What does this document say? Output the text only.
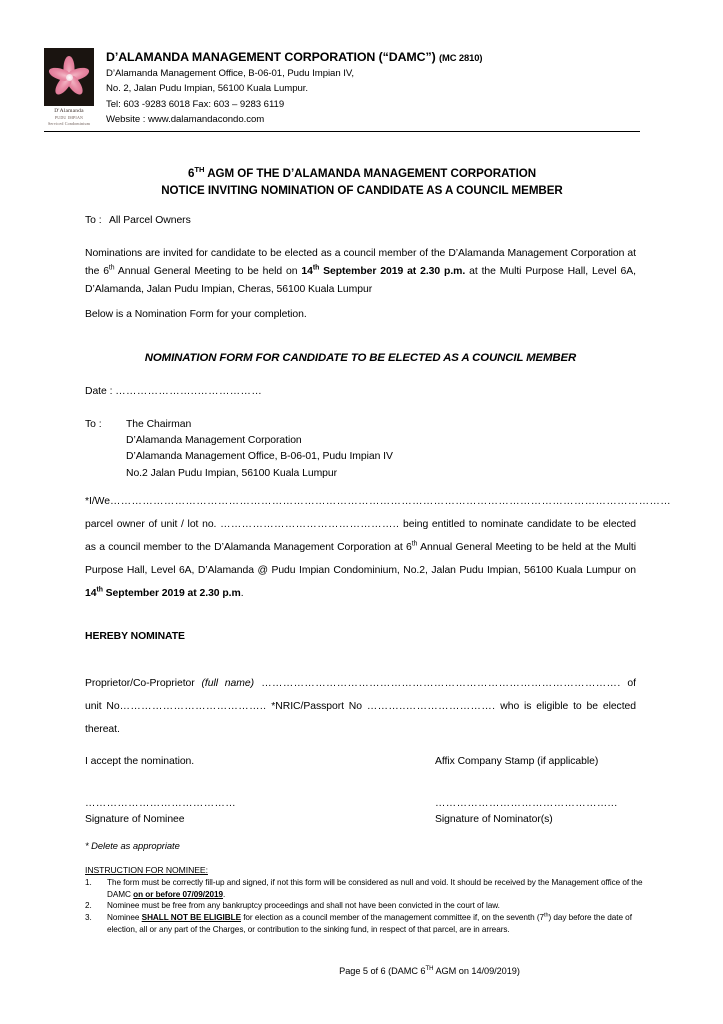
D'Alamanda
PUDU IMPIAN
Serviced Condominium
D’ALAMANDA MANAGEMENT CORPORATION (“DAMC”) (MC 2810)
D’Alamanda Management Office, B-06-01, Pudu Impian IV,
No. 2, Jalan Pudu Impian, 56100 Kuala Lumpur.
Tel: 603 -9283 6018 Fax: 603 – 9283 6119
Website : www.dalamandacondo.com
6TH AGM OF THE D’ALAMANDA MANAGEMENT CORPORATION
NOTICE INVITING NOMINATION OF CANDIDATE AS A COUNCIL MEMBER
To : All Parcel Owners
Nominations are invited for candidate to be elected as a council member of the D’Alamanda Management Corporation at the 6th Annual General Meeting to be held on 14th September 2019 at 2.30 p.m. at the Multi Purpose Hall, Level 6A, D’Alamanda, Jalan Pudu Impian, Cheras, 56100 Kuala Lumpur
Below is a Nomination Form for your completion.
NOMINATION FORM FOR CANDIDATE TO BE ELECTED AS A COUNCIL MEMBER
Date : …………………..………………
To :	The Chairman
D’Alamanda Management Corporation
D’Alamanda Management Office, B-06-01, Pudu Impian IV
No.2 Jalan Pudu Impian, 56100 Kuala Lumpur
*I/We…………………………………………………………………………………………………………………………………………parcel owner of unit / lot no. ………………………………………….. being entitled to nominate candidate to be elected as a council member to the D’Alamanda Management Corporation at 6th Annual General Meeting to be held at the Multi Purpose Hall, Level 6A, D’Alamanda @ Pudu Impian Condominium, No.2, Jalan Pudu Impian, 56100 Kuala Lumpur on 14th September 2019 at 2.30 p.m.
HEREBY NOMINATE
Proprietor/Co-Proprietor (full name) ………………………………………………………………………………………. of unit No………………………………….. *NRIC/Passport No ………..……………………. who is eligible to be elected thereat.
I accept the nomination.	Affix Company Stamp (if applicable)
……………………………………
Signature of Nominee
…………………………………………...
Signature of Nominator(s)
* Delete as appropriate
INSTRUCTION FOR NOMINEE:
1.	The form must be correctly fill-up and signed, if not this form will be considered as null and void. It should be received by the Management office of the DAMC on or before 07/09/2019.
2.	Nominee must be free from any bankruptcy proceedings and shall not have been convicted in the court of law.
3.	Nominee SHALL NOT BE ELIGIBLE for election as a council member of the management committee if, on the seventh (7th) day before the date of election, all or any part of the Charges, or contribution to the sinking fund, in respect of that parcel, are in arrears.
Page 5 of 6 (DAMC 6TH AGM on 14/09/2019)
